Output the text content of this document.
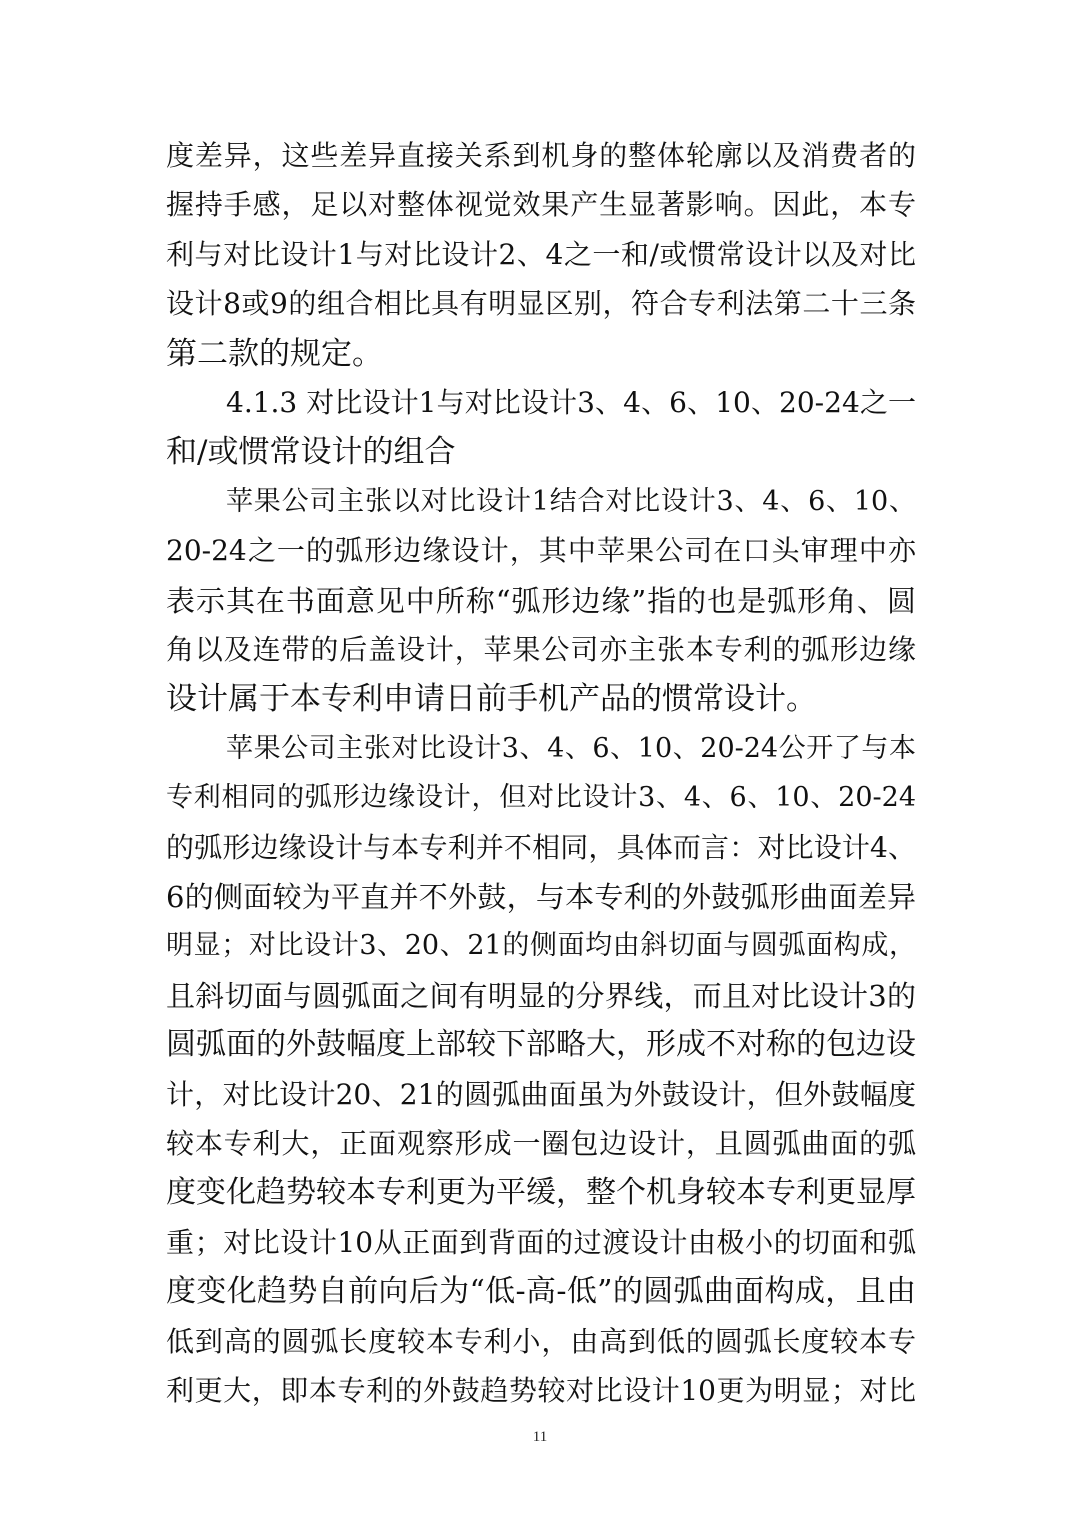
度差异，这些差异直接关系到机身的整体轮廓以及消费者的
握持手感，足以对整体视觉效果产生显著影响。因此，本专
利与对比设计1与对比设计2、4之一和/或惯常设计以及对比
设计8或9的组合相比具有明显区别，符合专利法第二十三条
第二款的规定。
4.1.3 对比设计1与对比设计3、4、6、10、20-24之一
和/或惯常设计的组合
苹果公司主张以对比设计1结合对比设计3、4、6、10、
20-24之一的弧形边缘设计，其中苹果公司在口头审理中亦
表示其在书面意见中所称“弧形边缘”指的也是弧形角、圆
角以及连带的后盖设计，苹果公司亦主张本专利的弧形边缘
设计属于本专利申请日前手机产品的惯常设计。
苹果公司主张对比设计3、4、6、10、20-24公开了与本
专利相同的弧形边缘设计，但对比设计3、4、6、10、20-24
的弧形边缘设计与本专利并不相同，具体而言：对比设计4、
6的侧面较为平直并不外鼓，与本专利的外鼓弧形曲面差异
明显；对比设计3、20、21的侧面均由斜切面与圆弧面构成，
且斜切面与圆弧面之间有明显的分界线，而且对比设计3的
圆弧面的外鼓幅度上部较下部略大，形成不对称的包边设
计，对比设计20、21的圆弧曲面虽为外鼓设计，但外鼓幅度
较本专利大，正面观察形成一圈包边设计，且圆弧曲面的弧
度变化趋势较本专利更为平缓，整个机身较本专利更显厚
重；对比设计10从正面到背面的过渡设计由极小的切面和弧
度变化趋势自前向后为“低-高-低”的圆弧曲面构成，且由
低到高的圆弧长度较本专利小，由高到低的圆弧长度较本专
利更大，即本专利的外鼓趋势较对比设计10更为明显；对比
11
